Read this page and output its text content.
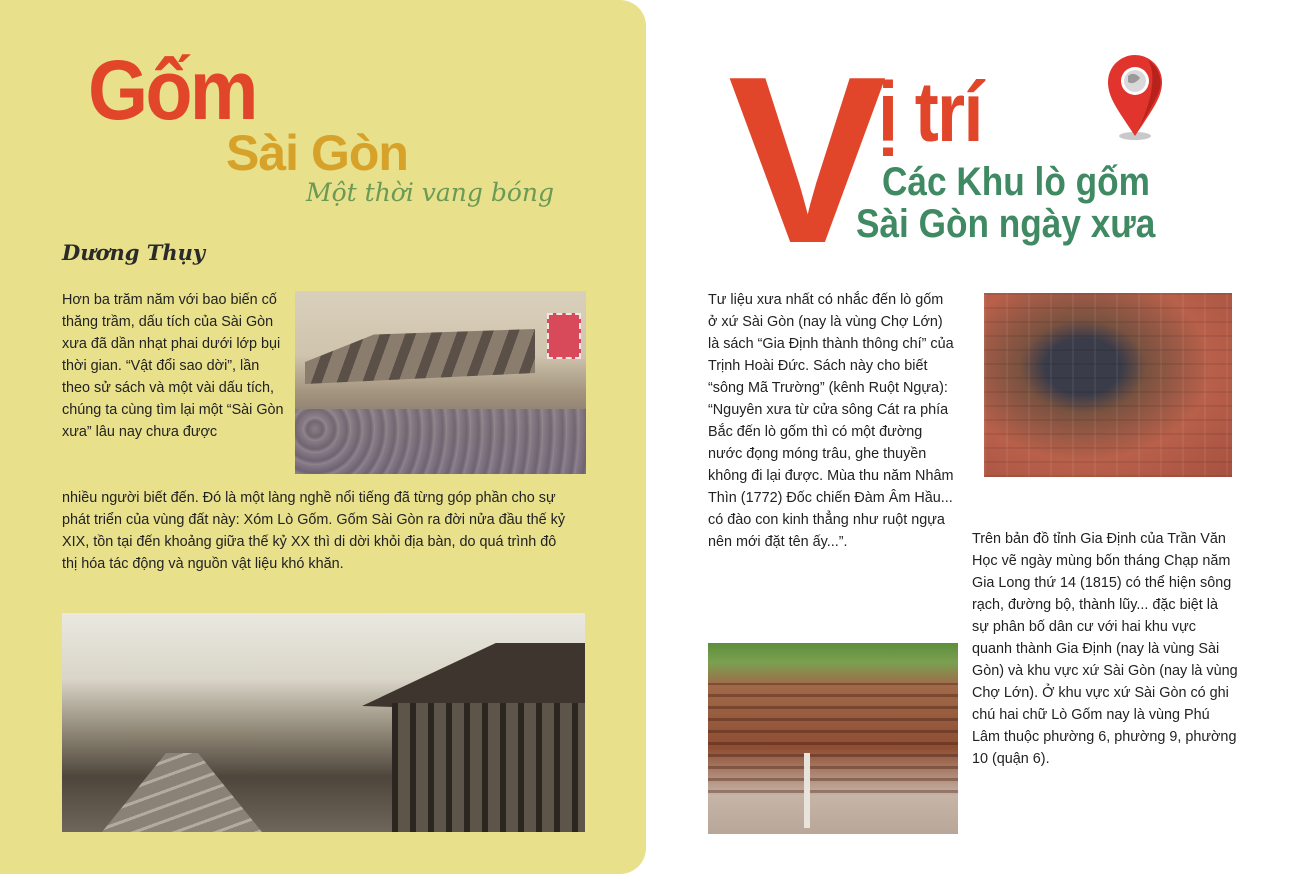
Gốm
Sài Gòn
Một thời vang bóng
Dương Thụy
Hơn ba trăm năm với bao biến cố thăng trầm, dấu tích của Sài Gòn xưa đã dần nhạt phai dưới lớp bụi thời gian. “Vật đổi sao dời”, lần theo sử sách và một vài dấu tích, chúng ta cùng tìm lại một “Sài Gòn xưa” lâu nay chưa được
nhiều người biết đến. Đó là một làng nghề nổi tiếng đã từng góp phần cho sự phát triển của vùng đất này: Xóm Lò Gốm. Gốm Sài Gòn ra đời nửa đầu thế kỷ XIX, tồn tại đến khoảng giữa thế kỷ XX thì di dời khỏi địa bàn, do quá trình đô thị hóa tác động và nguồn vật liệu khó khăn.
V
ị trí
Các Khu lò gốm
Sài Gòn ngày xưa
Tư liệu xưa nhất có nhắc đến lò gốm ở xứ Sài Gòn (nay là vùng Chợ Lớn) là sách “Gia Định thành thông chí” của Trịnh Hoài Đức. Sách này cho biết “sông Mã Trường” (kênh Ruột Ngựa): “Nguyên xưa từ cửa sông Cát ra phía Bắc đến lò gốm thì có một đường nước đọng móng trâu, ghe thuyền không đi lại được. Mùa thu năm Nhâm Thìn (1772) Đốc chiến Đàm Âm Hầu... có đào con kinh thẳng như ruột ngựa nên mới đặt tên ấy...”.	Trên bản đồ tỉnh Gia Định của Trần Văn Học vẽ ngày mùng bốn tháng Chạp năm Gia Long thứ 14 (1815) có thể hiện sông rạch, đường bộ, thành lũy... đặc biệt là sự phân bố dân cư với hai khu vực quanh thành Gia Định (nay là vùng Sài Gòn) và khu vực xứ Sài Gòn (nay là vùng Chợ Lớn). Ở khu vực xứ Sài Gòn có ghi chú hai chữ Lò Gốm nay là vùng Phú Lâm thuộc phường 6, phường 9, phường 10 (quận 6).
